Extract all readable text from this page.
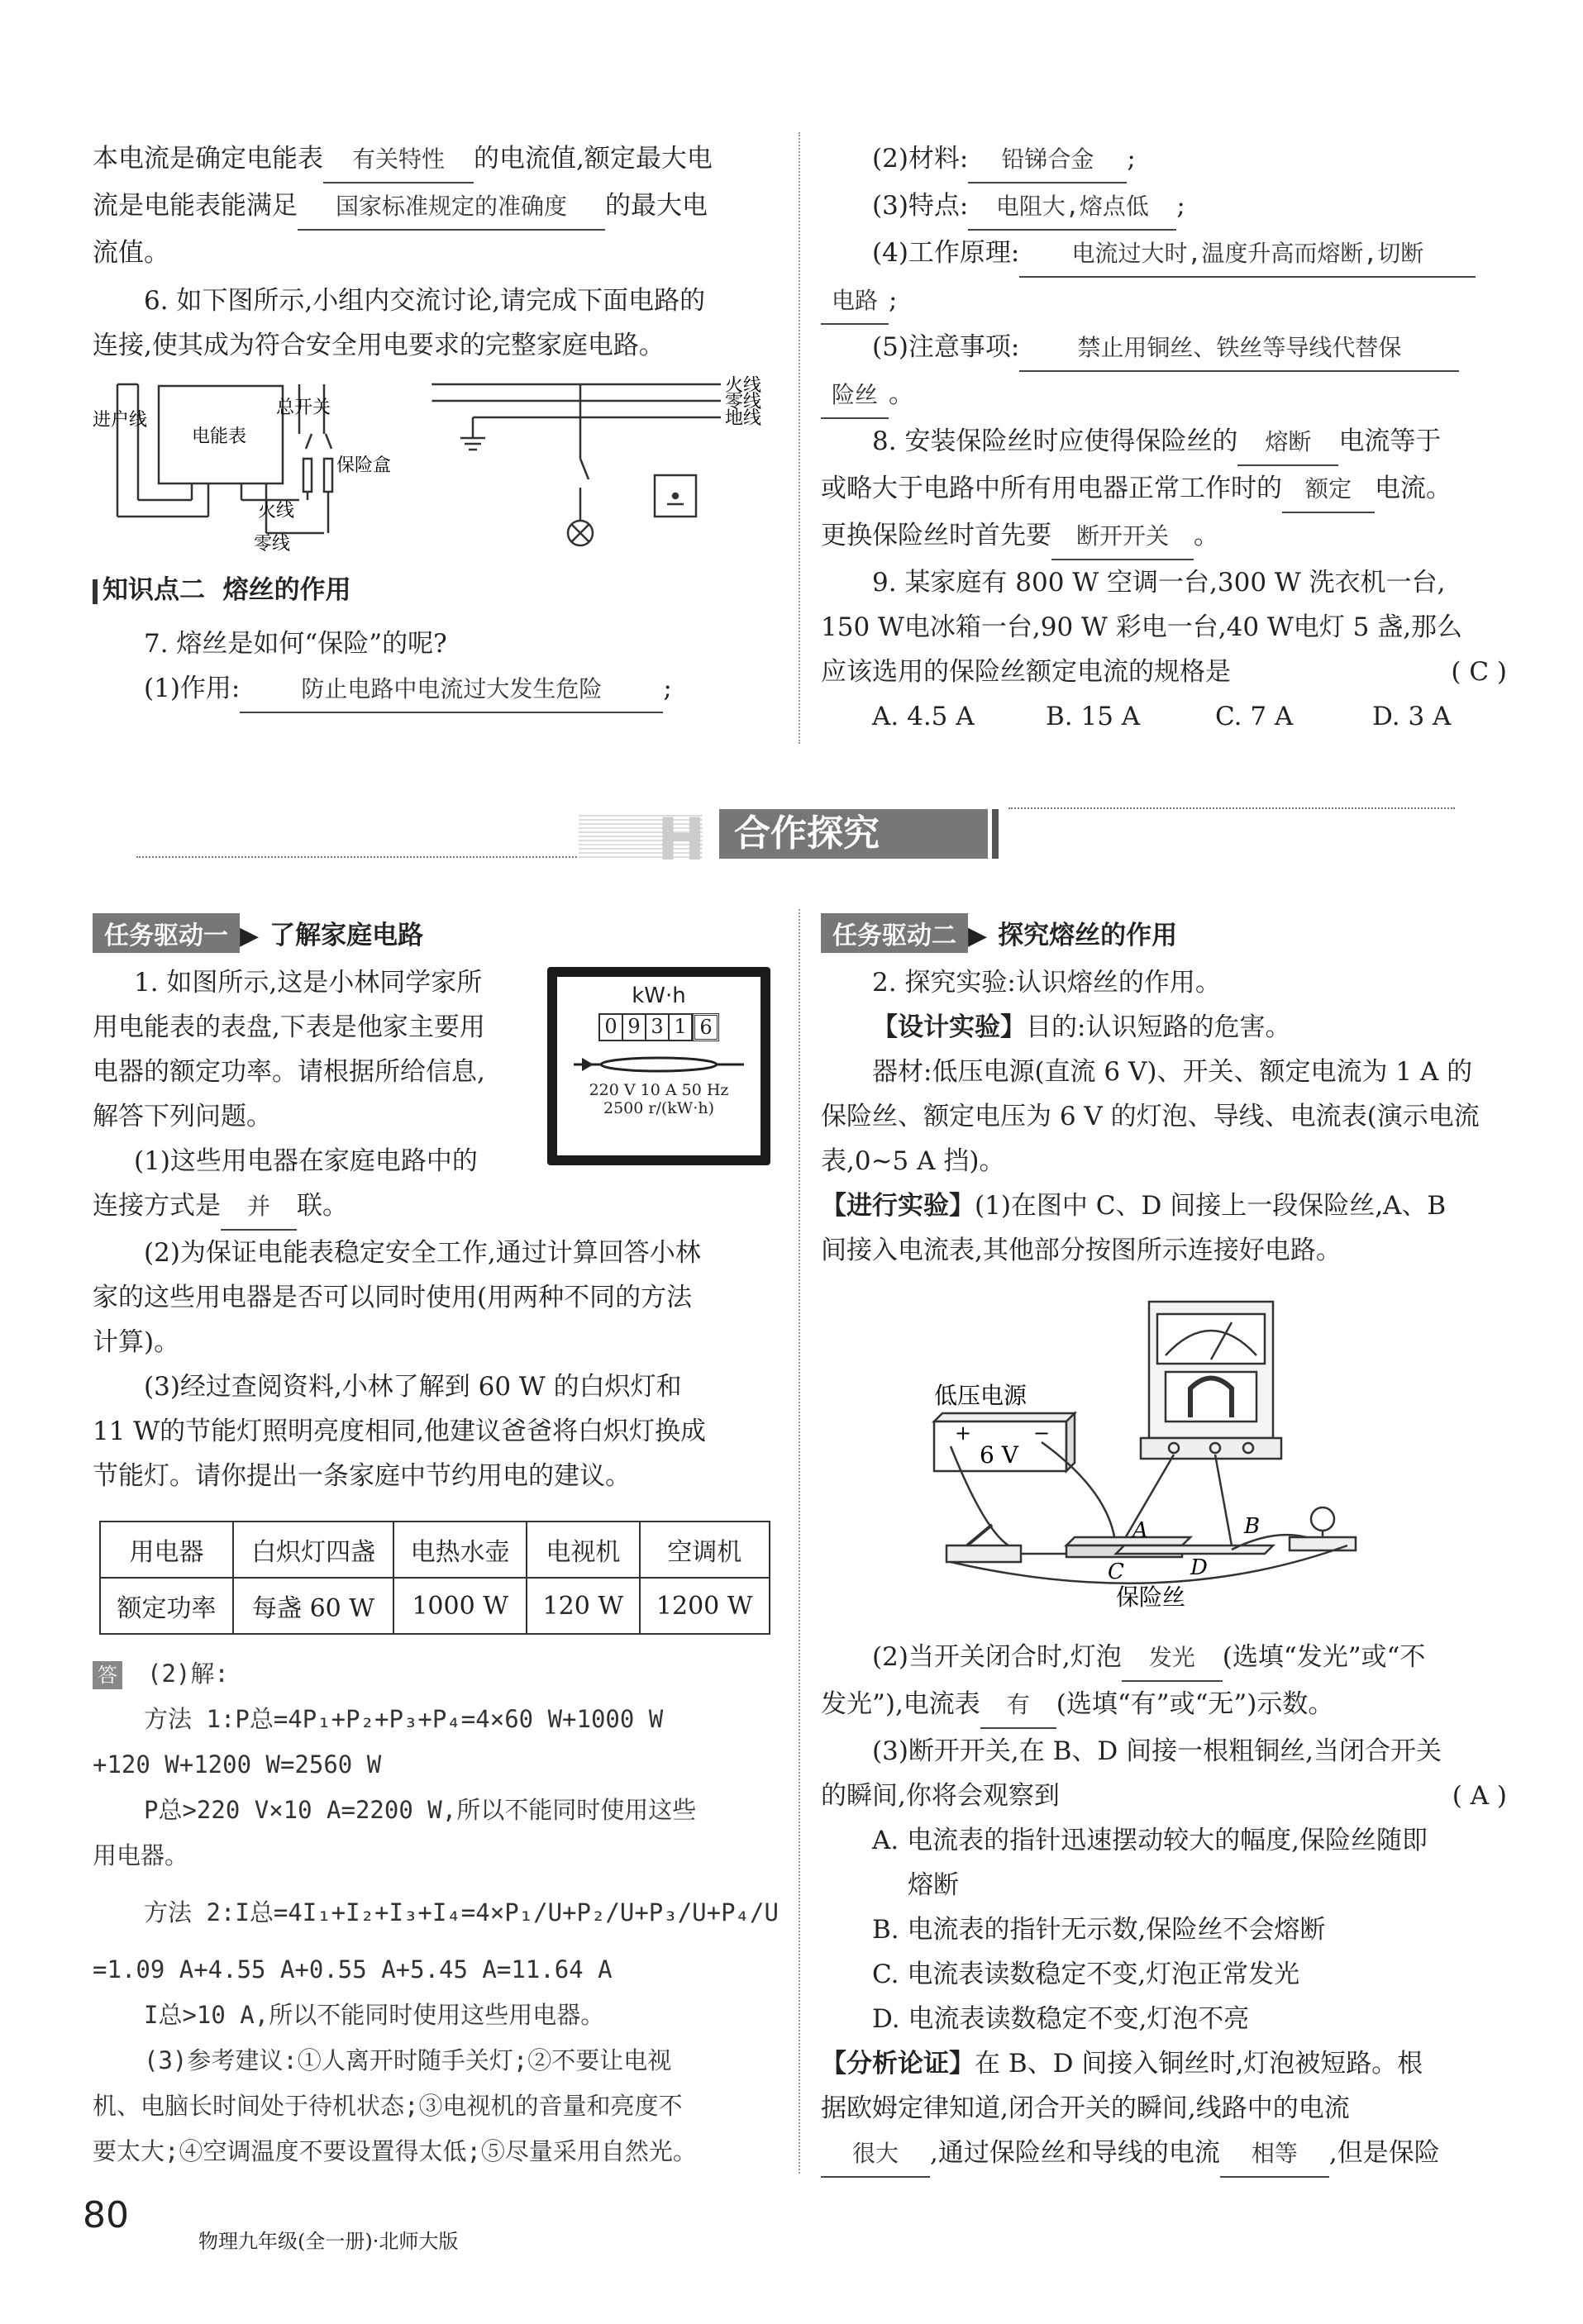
本电流是确定电能表 有关特性 的电流值,额定最大电
流是电能表能满足 国家标准规定的准确度 的最大电
流值。
6. 如下图所示,小组内交流讨论,请完成下面电路的
连接,使其成为符合安全用电要求的完整家庭电路。
火线
零线
地线
进户线
电能表
总开关
保险盒
火线
零线
知识点二 熔丝的作用
7. 熔丝是如何“保险”的呢?
(1)作用:	防止电路中电流过大发生危险 ;
(2)材料: 铅锑合金 ;
(3)特点: 电阻大,熔点低 ;
(4)工作原理: 电流过大时,温度升高而熔断,切断
电路 ;
(5)注意事项: 禁止用铜丝、铁丝等导线代替保
险丝 。
8. 安装保险丝时应使得保险丝的 熔断 电流等于
或略大于电路中所有用电器正常工作时的 额定 电流。
更换保险丝时首先要 断开开关 。
9. 某家庭有 800 W 空调一台,300 W 洗衣机一台,
150 W电冰箱一台,90 W 彩电一台,40 W电灯 5 盏,那么
应该选用的保险丝额定电流的规格是	( C )
A. 4.5 A	B. 15 A	C. 7 A	D. 3 A
H 合作探究
任务驱动一 ▶ 了解家庭电路
1. 如图所示,这是小林同学家所
用电能表的表盘,下表是他家主要用
电器的额定功率。请根据所给信息,
解答下列问题。
(1)这些用电器在家庭电路中的
kW·h
0 9 3 1 6
220 V 10 A 50 Hz
2500 r/(kW·h)
连接方式是 并 联。
(2)为保证电能表稳定安全工作,通过计算回答小林
家的这些用电器是否可以同时使用(用两种不同的方法
计算)。
(3)经过查阅资料,小林了解到 60 W 的白炽灯和
11 W的节能灯照明亮度相同,他建议爸爸将白炽灯换成
节能灯。请你提出一条家庭中节约用电的建议。
用电器	白炽灯四盏	电热水壶	电视机	空调机
额定功率	每盏 60 W	1000 W	120 W	1200 W
答 (2)解:
方法 1:P总=4P₁+P₂+P₃+P₄=4×60 W+1000 W
+120 W+1200 W=2560 W
P总>220 V×10 A=2200 W,所以不能同时使用这些
用电器。
方法 2:I总=4I₁+I₂+I₃+I₄=4×P₁/U+P₂/U+P₃/U+P₄/U
=1.09 A+4.55 A+0.55 A+5.45 A=11.64 A
I总>10 A,所以不能同时使用这些用电器。
(3)参考建议:①人离开时随手关灯;②不要让电视
机、电脑长时间处于待机状态;③电视机的音量和亮度不
要太大;④空调温度不要设置得太低;⑤尽量采用自然光。
任务驱动二 ▶ 探究熔丝的作用
2. 探究实验:认识熔丝的作用。
【设计实验】目的:认识短路的危害。
器材:低压电源(直流 6 V)、开关、额定电流为 1 A 的
保险丝、额定电压为 6 V 的灯泡、导线、电流表(演示电流
表,0~5 A 挡)。
【进行实验】(1)在图中 C、D 间接上一段保险丝,A、B
间接入电流表,其他部分按图所示连接好电路。
低压电源
+	−
6 V
A	B
C	D
保险丝
(2)当开关闭合时,灯泡 发光 (选填“发光”或“不
发光”),电流表 有 (选填“有”或“无”)示数。
(3)断开开关,在 B、D 间接一根粗铜丝,当闭合开关
的瞬间,你将会观察到	( A )
A. 电流表的指针迅速摆动较大的幅度,保险丝随即
熔断
B. 电流表的指针无示数,保险丝不会熔断
C. 电流表读数稳定不变,灯泡正常发光
D. 电流表读数稳定不变,灯泡不亮
【分析论证】在 B、D 间接入铜丝时,灯泡被短路。根
据欧姆定律知道,闭合开关的瞬间,线路中的电流
很大 ,通过保险丝和导线的电流 相等 ,但是保险
80
物理九年级(全一册)·北师大版
